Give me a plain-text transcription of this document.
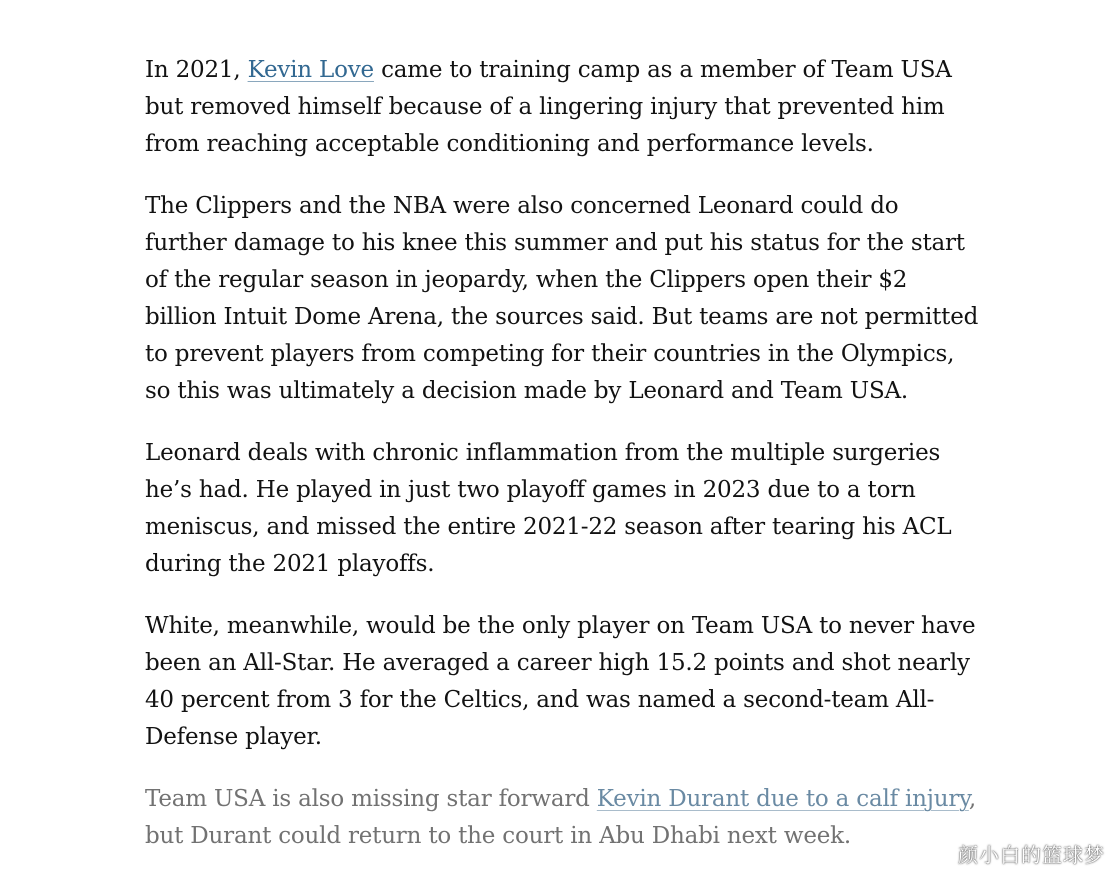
In 2021, Kevin Love came to training camp as a member of Team USA but removed himself because of a lingering injury that prevented him from reaching acceptable conditioning and performance levels.

The Clippers and the NBA were also concerned Leonard could do further damage to his knee this summer and put his status for the start of the regular season in jeopardy, when the Clippers open their $2 billion Intuit Dome Arena, the sources said. But teams are not permitted to prevent players from competing for their countries in the Olympics, so this was ultimately a decision made by Leonard and Team USA.

Leonard deals with chronic inflammation from the multiple surgeries he’s had. He played in just two playoff games in 2023 due to a torn meniscus, and missed the entire 2021-22 season after tearing his ACL during the 2021 playoffs.

White, meanwhile, would be the only player on Team USA to never have been an All-Star. He averaged a career high 15.2 points and shot nearly 40 percent from 3 for the Celtics, and was named a second-team All-Defense player.

Team USA is also missing star forward Kevin Durant due to a calf injury, but Durant could return to the court in Abu Dhabi next week.

颜小白的篮球梦
